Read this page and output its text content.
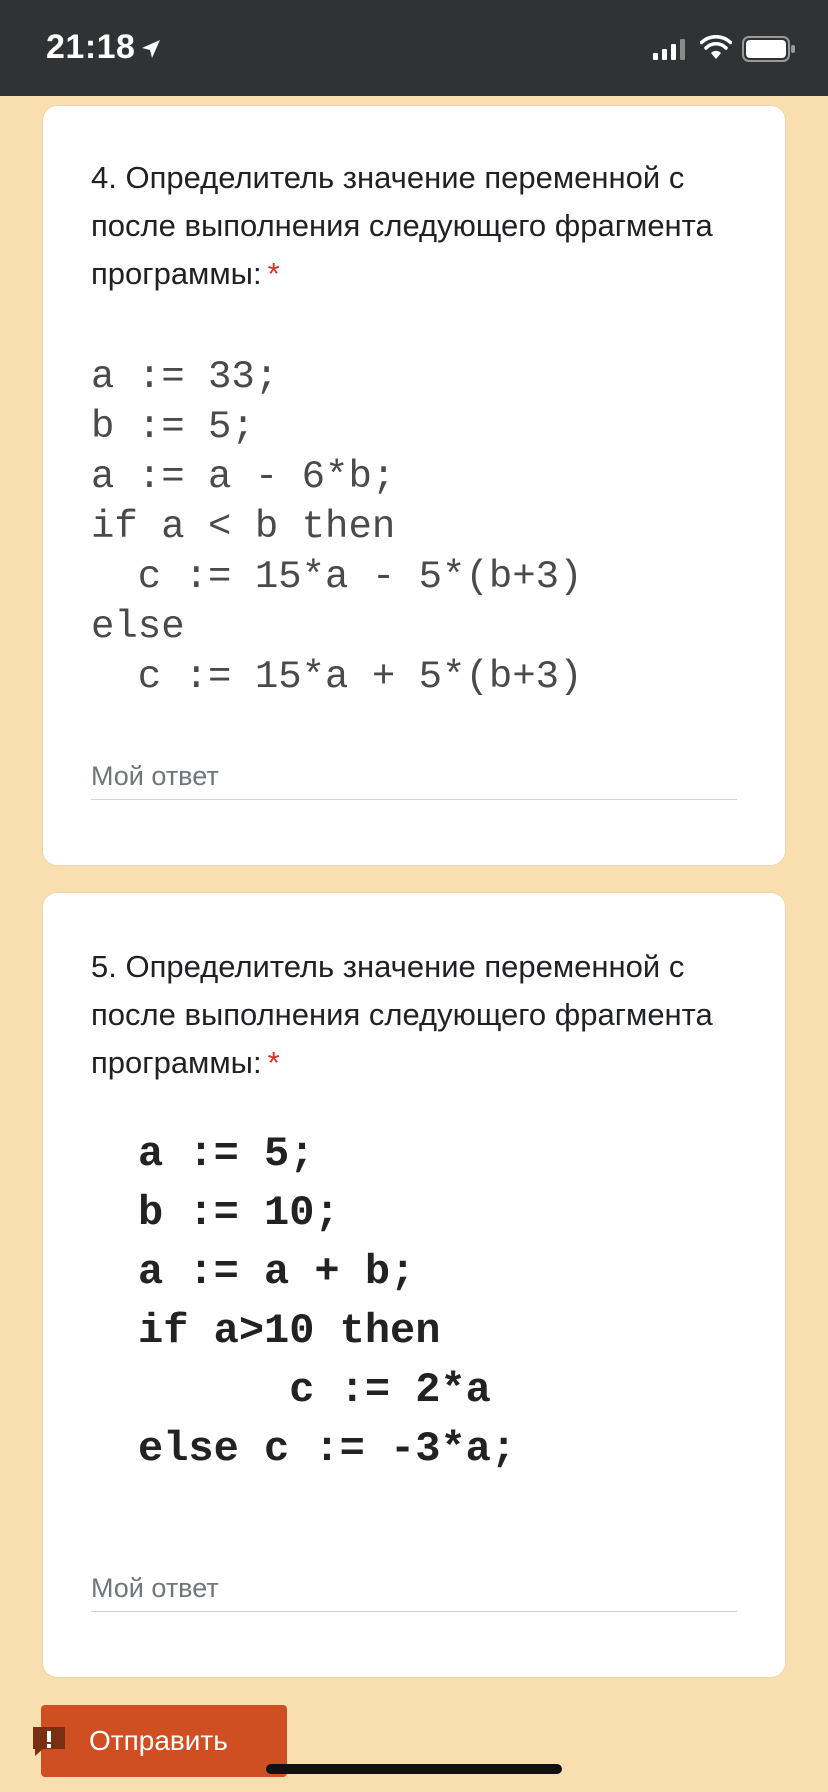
21:18
4. Определитель значение переменной с после выполнения следующего фрагмента программы: *
a := 33;
b := 5;
a := a - 6*b;
if a < b then
c := 15*a - 5*(b+3)
else
c := 15*a + 5*(b+3)
Мой ответ
5. Определитель значение переменной с после выполнения следующего фрагмента программы: *
a := 5;
b := 10;
a := a + b;
if a>10 then
c := 2*a
else c := -3*a;
Мой ответ
Отправить
